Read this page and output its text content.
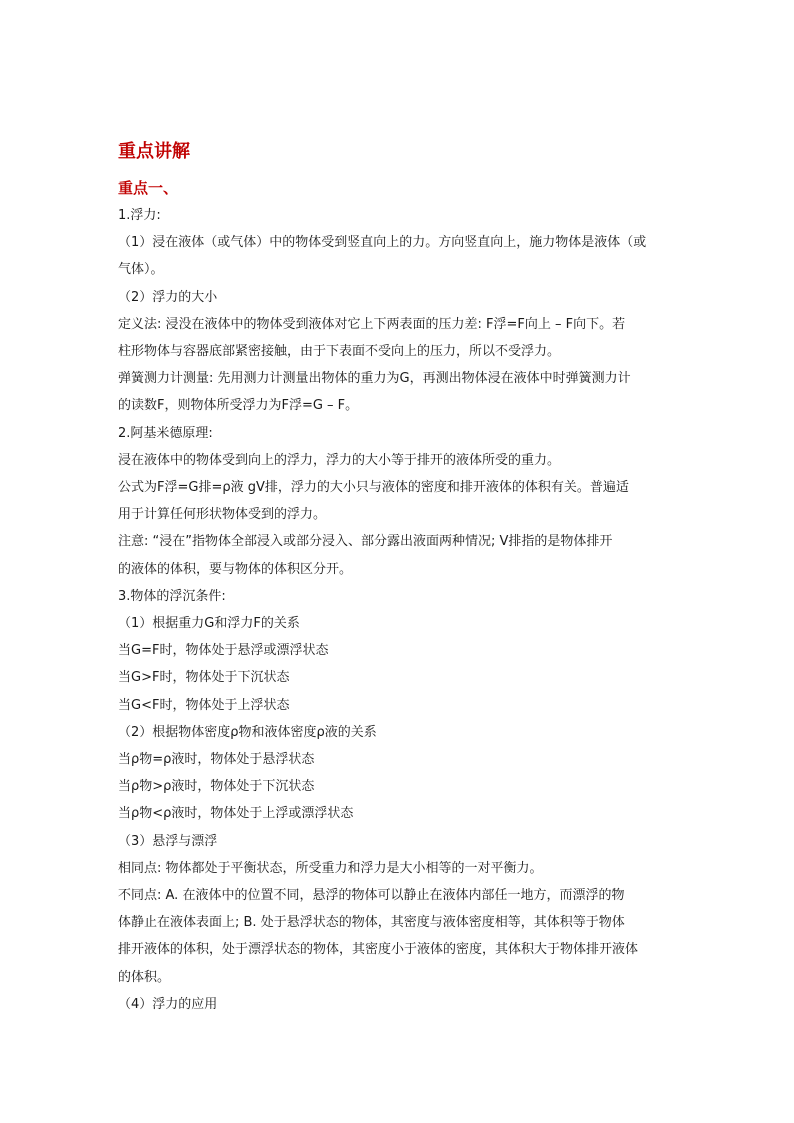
重点讲解
重点一、

1.浮力:

（1）浸在液体（或气体）中的物体受到竖直向上的力。方向竖直向上，施力物体是液体（或

气体）。

（2）浮力的大小

定义法: 浸没在液体中的物体受到液体对它上下两表面的压力差: F浮=F向上 – F向下。若

柱形物体与容器底部紧密接触，由于下表面不受向上的压力，所以不受浮力。

弹簧测力计测量: 先用测力计测量出物体的重力为G，再测出物体浸在液体中时弹簧测力计

的读数F，则物体所受浮力为F浮=G – F。

2.阿基米德原理:

浸在液体中的物体受到向上的浮力，浮力的大小等于排开的液体所受的重力。

公式为F浮=G排=ρ液 gV排，浮力的大小只与液体的密度和排开液体的体积有关。普遍适

用于计算任何形状物体受到的浮力。

注意: “浸在”指物体全部浸入或部分浸入、部分露出液面两种情况; V排指的是物体排开

的液体的体积，要与物体的体积区分开。

3.物体的浮沉条件:

（1）根据重力G和浮力F的关系

当G=F时，物体处于悬浮或漂浮状态

当G>F时，物体处于下沉状态

当G<F时，物体处于上浮状态

（2）根据物体密度ρ物和液体密度ρ液的关系

当ρ物=ρ液时，物体处于悬浮状态

当ρ物>ρ液时，物体处于下沉状态

当ρ物<ρ液时，物体处于上浮或漂浮状态

（3）悬浮与漂浮

相同点: 物体都处于平衡状态，所受重力和浮力是大小相等的一对平衡力。

不同点: A. 在液体中的位置不同，悬浮的物体可以静止在液体内部任一地方，而漂浮的物

体静止在液体表面上; B. 处于悬浮状态的物体，其密度与液体密度相等，其体积等于物体

排开液体的体积，处于漂浮状态的物体，其密度小于液体的密度，其体积大于物体排开液体

的体积。

（4）浮力的应用
